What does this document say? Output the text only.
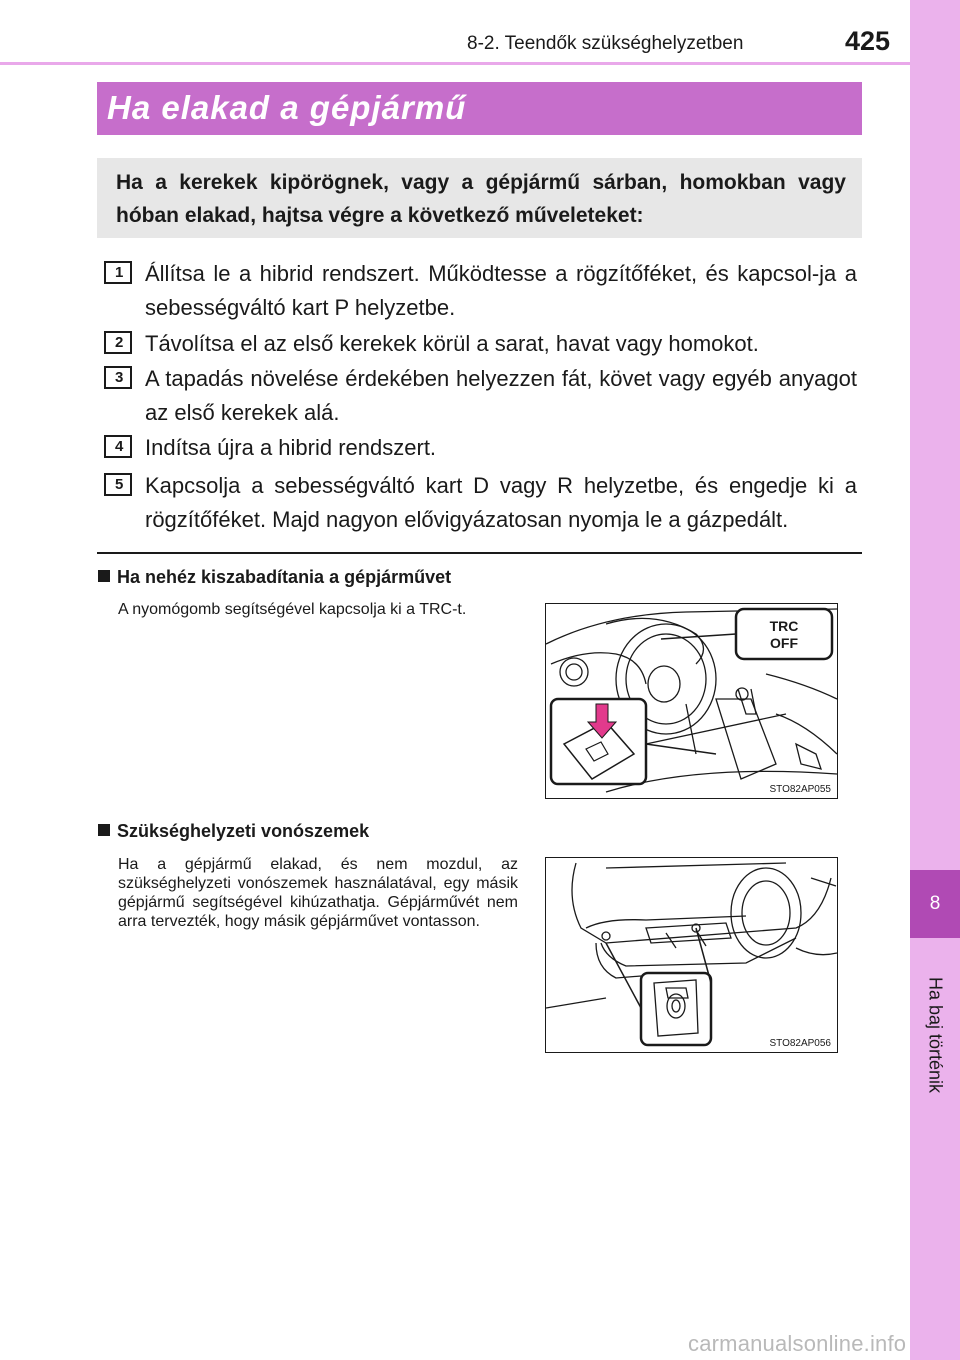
8-2. Teendők szükséghelyzetben	425
8
Ha baj történik
Ha elakad a gépjármű
Ha a kerekek kipörögnek, vagy a gépjármű sárban, homokban vagy hóban elakad, hajtsa végre a következő műveleteket:
1 Állítsa le a hibrid rendszert. Működtesse a rögzítőféket, és kapcsol-ja a sebességváltó kart P helyzetbe.
2 Távolítsa el az első kerekek körül a sarat, havat vagy homokot.
3 A tapadás növelése érdekében helyezzen fát, követ vagy egyéb anyagot az első kerekek alá.
4 Indítsa újra a hibrid rendszert.
5 Kapcsolja a sebességváltó kart D vagy R helyzetbe, és engedje ki a rögzítőféket. Majd nagyon elővigyázatosan nyomja le a gázpedált.
Ha nehéz kiszabadítania a gépjárművet
A nyomógomb segítségével kapcsolja ki a TRC-t.
TRC
OFF
STO82AP055
Szükséghelyzeti vonószemek
Ha a gépjármű elakad, és nem mozdul, az szükséghelyzeti vonószemek használatával, egy másik gépjármű segítségével kihúzathatja. Gépjárművét nem arra tervezték, hogy másik gépjárművet vontasson.
STO82AP056
carmanualsonline.info
